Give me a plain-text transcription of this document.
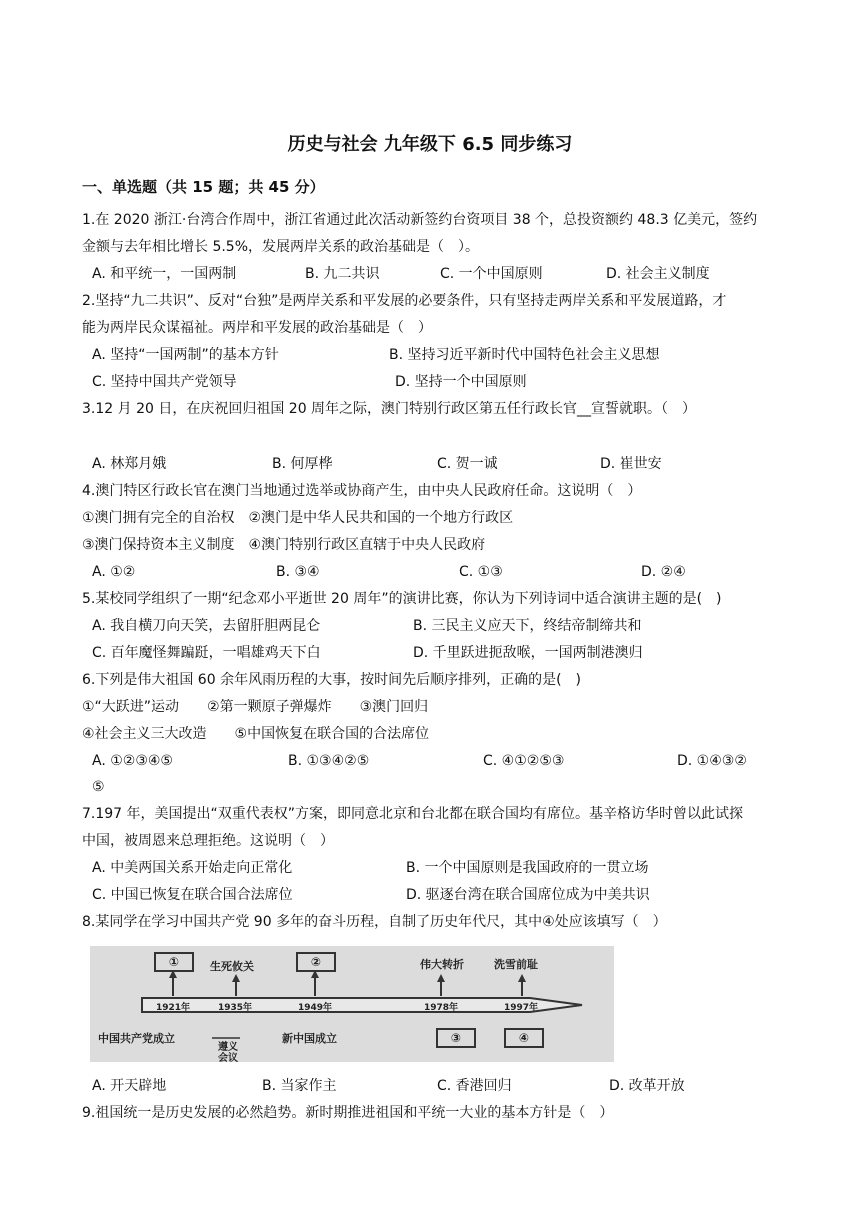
历史与社会 九年级下 6.5 同步练习
一、单选题（共 15 题；共 45 分）
1.在 2020 浙江·台湾合作周中，浙江省通过此次活动新签约台资项目 38 个，总投资额约 48.3 亿美元，签约
金额与去年相比增长 5.5%，发展两岸关系的政治基础是（　）。
A. 和平统一，一国两制	B. 九二共识	C. 一个中国原则	D. 社会主义制度
2.坚持“九二共识”、反对“台独”是两岸关系和平发展的必要条件，只有坚持走两岸关系和平发展道路，才
能为两岸民众谋福祉。两岸和平发展的政治基础是（　）
A. 坚持“一国两制”的基本方针	B. 坚持习近平新时代中国特色社会主义思想
C. 坚持中国共产党领导	D. 坚持一个中国原则
3.12 月 20 日，在庆祝回归祖国 20 周年之际，澳门特别行政区第五任行政长官__宣誓就职。（　）
A. 林郑月娥	B. 何厚桦	C. 贺一诚	D. 崔世安
4.澳门特区行政长官在澳门当地通过选举或协商产生，由中央人民政府任命。这说明（　）
①澳门拥有完全的自治权　②澳门是中华人民共和国的一个地方行政区
③澳门保持资本主义制度　④澳门特别行政区直辖于中央人民政府
A. ①②	B. ③④	C. ①③	D. ②④
5.某校同学组织了一期“纪念邓小平逝世 20 周年”的演讲比赛，你认为下列诗词中适合演讲主题的是(　)
A. 我自横刀向天笑，去留肝胆两昆仑	B. 三民主义应天下，终结帝制缔共和
C. 百年魔怪舞蹁跹，一唱雄鸡天下白	D. 千里跃进扼敌喉，一国两制港澳归
6.下列是伟大祖国 60 余年风雨历程的大事，按时间先后顺序排列，正确的是(　)
①“大跃进”运动　　②第一颗原子弹爆炸　　③澳门回归
④社会主义三大改造　　⑤中国恢复在联合国的合法席位
A. ①②③④⑤	B. ①③④②⑤	C. ④①②⑤③	D. ①④③②
⑤
7.197 年，美国提出“双重代表权”方案，即同意北京和台北都在联合国均有席位。基辛格访华时曾以此试探
中国，被周恩来总理拒绝。这说明（　）
A. 中美两国关系开始走向正常化	B. 一个中国原则是我国政府的一贯立场
C. 中国已恢复在联合国合法席位	D. 驱逐台湾在联合国席位成为中美共识
8.某同学在学习中国共产党 90 多年的奋斗历程，自制了历史年代尺，其中④处应该填写（　）
①	②
③	④
生死攸关	伟大转折	洗雪前耻
1921年	1935年	1949年	1978年	1997年
中国共产党成立
遵义会议
新中国成立
A. 开天辟地	B. 当家作主	C. 香港回归	D. 改革开放
9.祖国统一是历史发展的必然趋势。新时期推进祖国和平统一大业的基本方针是（　）
